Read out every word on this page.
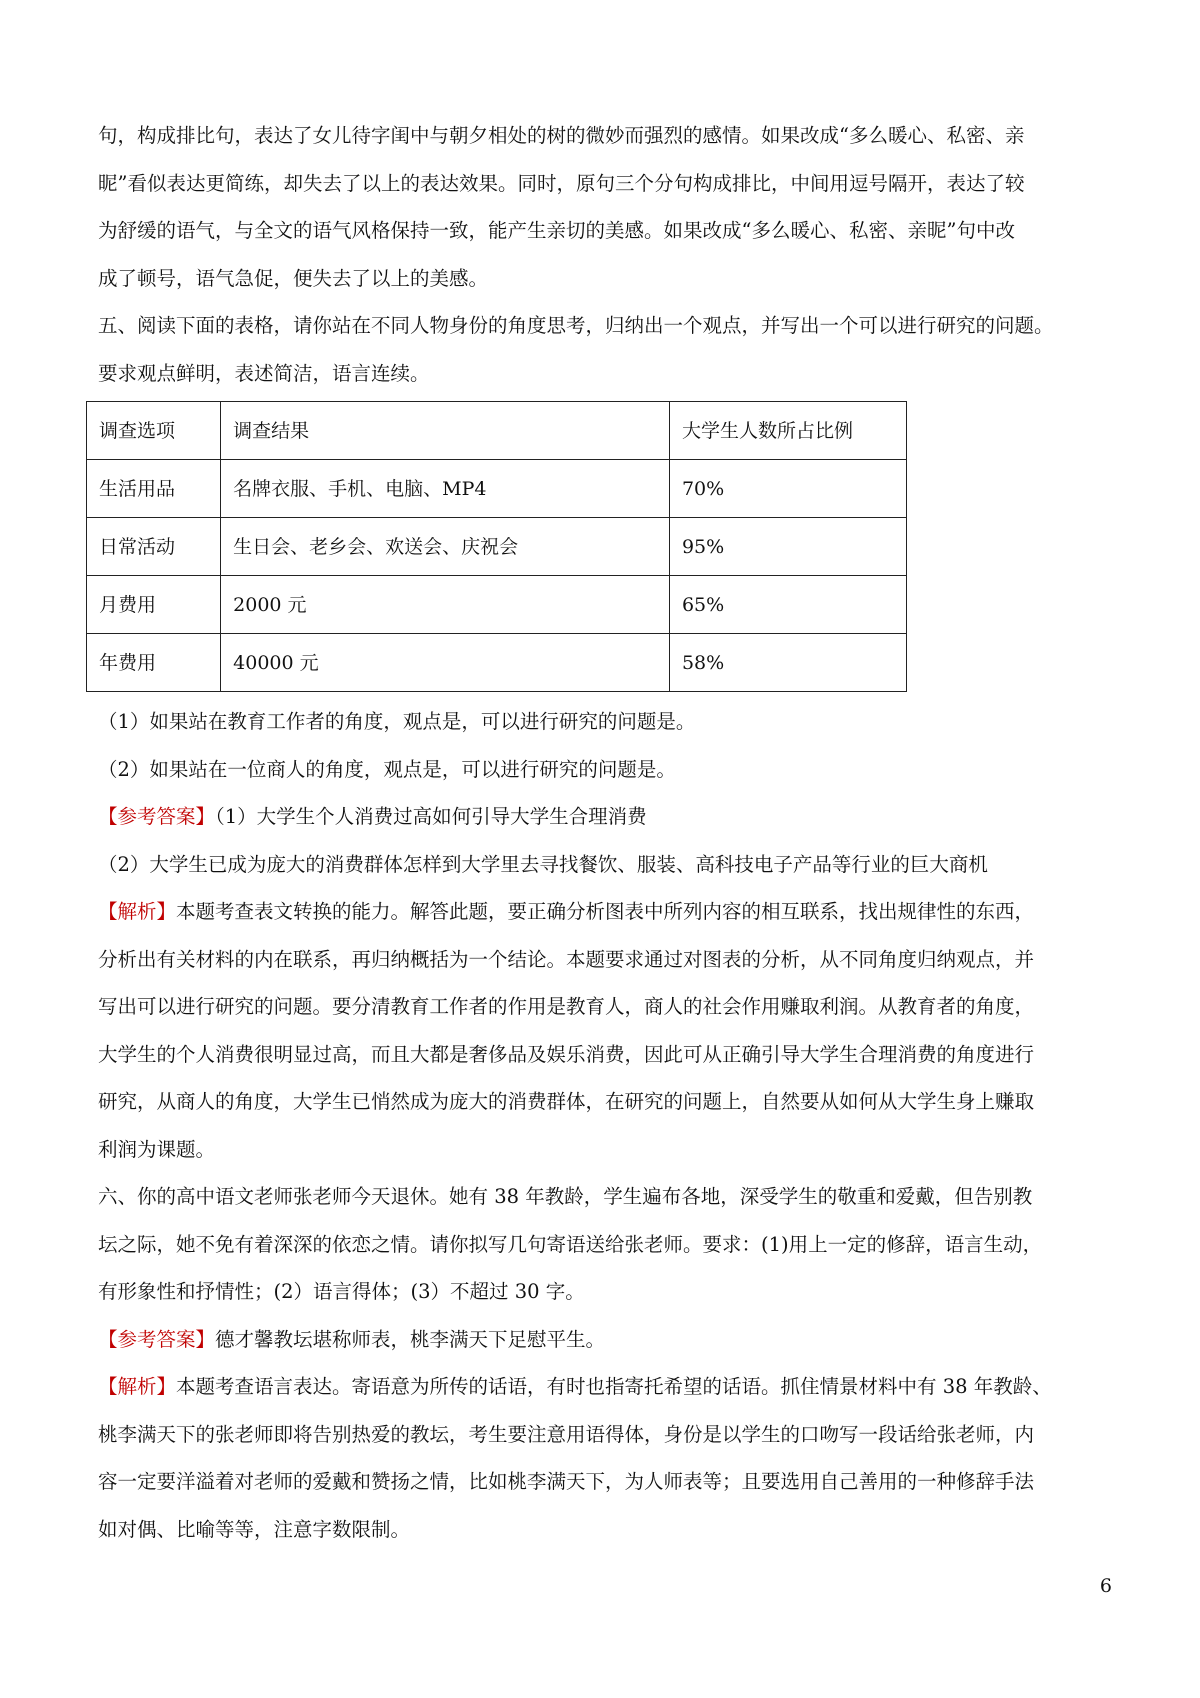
句，构成排比句，表达了女儿待字闺中与朝夕相处的树的微妙而强烈的感情。如果改成“多么暖心、私密、亲

昵”看似表达更简练，却失去了以上的表达效果。同时，原句三个分句构成排比，中间用逗号隔开，表达了较

为舒缓的语气，与全文的语气风格保持一致，能产生亲切的美感。如果改成“多么暖心、私密、亲昵”句中改

成了顿号，语气急促，便失去了以上的美感。

五、阅读下面的表格，请你站在不同人物身份的角度思考，归纳出一个观点，并写出一个可以进行研究的问题。

要求观点鲜明，表述简洁，语言连续。

调查选项	调查结果	大学生人数所占比例
生活用品	名牌衣服、手机、电脑、MP4	70%
日常活动	生日会、老乡会、欢送会、庆祝会	95%
月费用	2000 元	65%
年费用	40000 元	58%

（1）如果站在教育工作者的角度，观点是，可以进行研究的问题是。

（2）如果站在一位商人的角度，观点是，可以进行研究的问题是。

【参考答案】（1）大学生个人消费过高如何引导大学生合理消费

（2）大学生已成为庞大的消费群体怎样到大学里去寻找餐饮、服装、高科技电子产品等行业的巨大商机

【解析】本题考查表文转换的能力。解答此题，要正确分析图表中所列内容的相互联系，找出规律性的东西，

分析出有关材料的内在联系，再归纳概括为一个结论。本题要求通过对图表的分析，从不同角度归纳观点，并

写出可以进行研究的问题。要分清教育工作者的作用是教育人，商人的社会作用赚取利润。从教育者的角度，

大学生的个人消费很明显过高，而且大都是奢侈品及娱乐消费，因此可从正确引导大学生合理消费的角度进行

研究，从商人的角度，大学生已悄然成为庞大的消费群体，在研究的问题上，自然要从如何从大学生身上赚取

利润为课题。

六、你的高中语文老师张老师今天退休。她有 38 年教龄，学生遍布各地，深受学生的敬重和爱戴，但告别教

坛之际，她不免有着深深的依恋之情。请你拟写几句寄语送给张老师。要求：(1)用上一定的修辞，语言生动，

有形象性和抒情性；(2）语言得体；(3）不超过 30 字。

【参考答案】德才馨教坛堪称师表，桃李满天下足慰平生。

【解析】本题考查语言表达。寄语意为所传的话语，有时也指寄托希望的话语。抓住情景材料中有 38 年教龄、

桃李满天下的张老师即将告别热爱的教坛，考生要注意用语得体，身份是以学生的口吻写一段话给张老师，内

容一定要洋溢着对老师的爱戴和赞扬之情，比如桃李满天下，为人师表等；且要选用自己善用的一种修辞手法

如对偶、比喻等等，注意字数限制。

6
